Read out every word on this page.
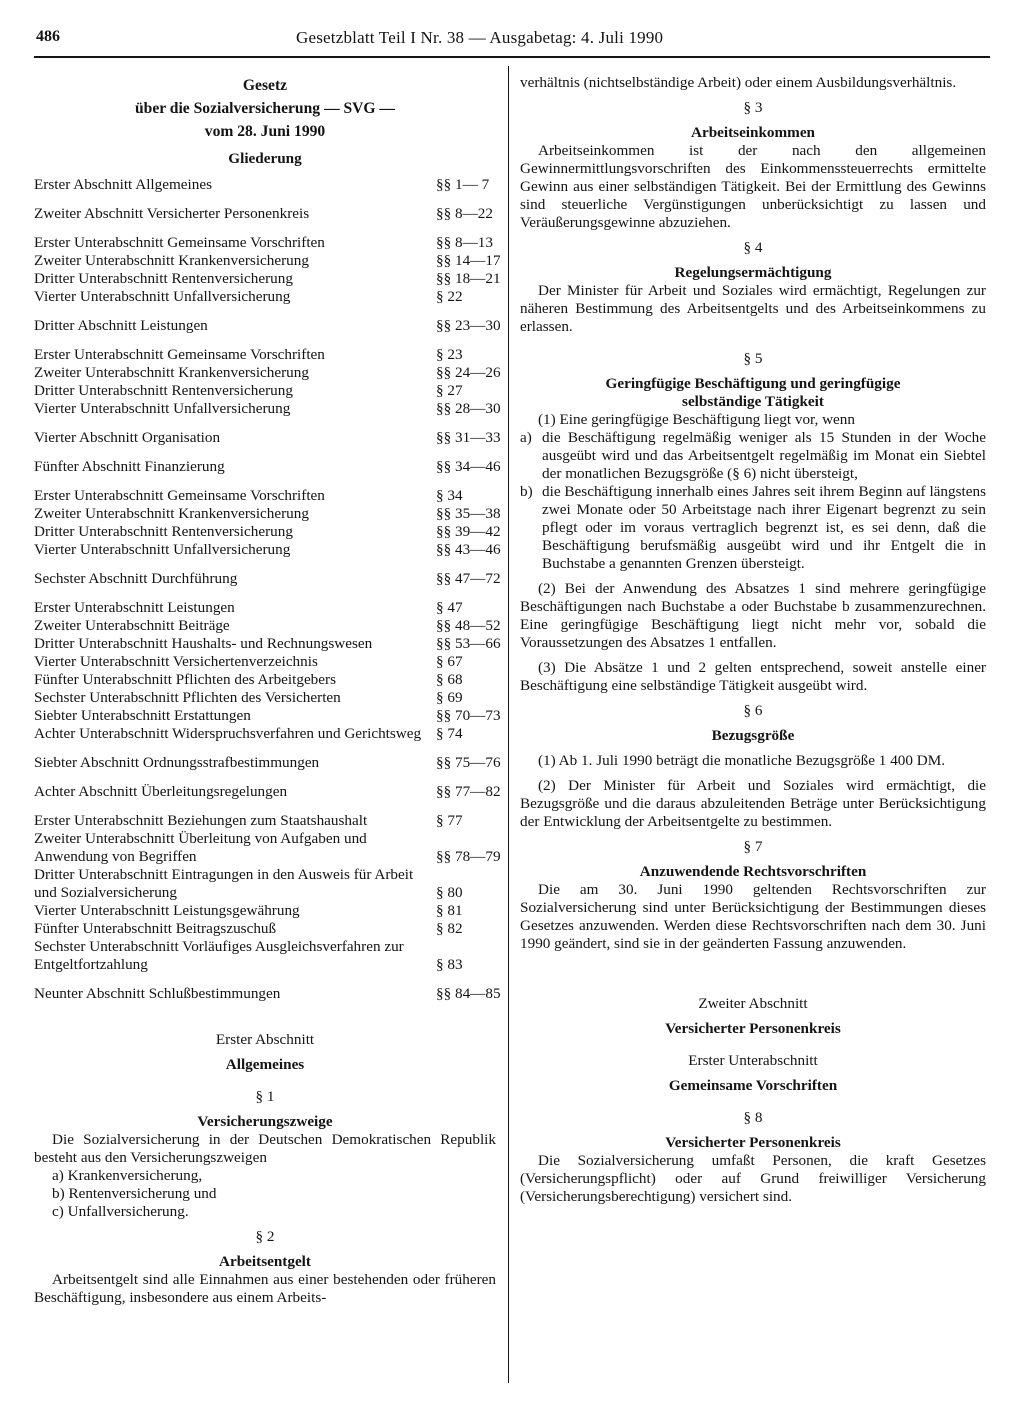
486	Gesetzblatt Teil I Nr. 38 — Ausgabetag: 4. Juli 1990
Gesetz
über die Sozialversicherung — SVG —
vom 28. Juni 1990
Gliederung
Erster Abschnitt Allgemeines	§§ 1— 7
Zweiter Abschnitt Versicherter Personenkreis	§§ 8—22
Erster Unterabschnitt Gemeinsame Vorschriften	§§ 8—13
Zweiter Unterabschnitt Krankenversicherung	§§ 14—17
Dritter Unterabschnitt Rentenversicherung	§§ 18—21
Vierter Unterabschnitt Unfallversicherung	§ 22
Dritter Abschnitt Leistungen	§§ 23—30
Erster Unterabschnitt Gemeinsame Vorschriften	§ 23
Zweiter Unterabschnitt Krankenversicherung	§§ 24—26
Dritter Unterabschnitt Rentenversicherung	§ 27
Vierter Unterabschnitt Unfallversicherung	§§ 28—30
Vierter Abschnitt Organisation	§§ 31—33
Fünfter Abschnitt Finanzierung	§§ 34—46
Erster Unterabschnitt Gemeinsame Vorschriften	§ 34
Zweiter Unterabschnitt Krankenversicherung	§§ 35—38
Dritter Unterabschnitt Rentenversicherung	§§ 39—42
Vierter Unterabschnitt Unfallversicherung	§§ 43—46
Sechster Abschnitt Durchführung	§§ 47—72
Erster Unterabschnitt Leistungen	§ 47
Zweiter Unterabschnitt Beiträge	§§ 48—52
Dritter Unterabschnitt Haushalts- und Rechnungswesen	§§ 53—66
Vierter Unterabschnitt Versichertenverzeichnis	§ 67
Fünfter Unterabschnitt Pflichten des Arbeitgebers	§ 68
Sechster Unterabschnitt Pflichten des Versicherten	§ 69
Siebter Unterabschnitt Erstattungen	§§ 70—73
Achter Unterabschnitt Widerspruchsverfahren und Gerichtsweg § 74
Siebter Abschnitt Ordnungsstrafbestimmungen	§§ 75—76
Achter Abschnitt Überleitungsregelungen	§§ 77—82
Erster Unterabschnitt Beziehungen zum Staatshaushalt	§ 77
Zweiter Unterabschnitt Überleitung von Aufgaben und Anwendung von Begriffen	§§ 78—79
Dritter Unterabschnitt Eintragungen in den Ausweis für Arbeit und Sozialversicherung	§ 80
Vierter Unterabschnitt Leistungsgewährung	§ 81
Fünfter Unterabschnitt Beitragszuschuß	§ 82
Sechster Unterabschnitt Vorläufiges Ausgleichsverfahren zur Entgeltfortzahlung	§ 83
Neunter Abschnitt Schlußbestimmungen	§§ 84—85
Erster Abschnitt
Allgemeines
§ 1
Versicherungszweige
Die Sozialversicherung in der Deutschen Demokratischen Republik besteht aus den Versicherungszweigen
a) Krankenversicherung,
b) Rentenversicherung und
c) Unfallversicherung.
§ 2
Arbeitsentgelt
Arbeitsentgelt sind alle Einnahmen aus einer bestehenden oder früheren Beschäftigung, insbesondere aus einem Arbeits-
verhältnis (nichtselbständige Arbeit) oder einem Ausbildungsverhältnis.
§ 3
Arbeitseinkommen
Arbeitseinkommen ist der nach den allgemeinen Gewinnermittlungsvorschriften des Einkommenssteuerrechts ermittelte Gewinn aus einer selbständigen Tätigkeit. Bei der Ermittlung des Gewinns sind steuerliche Vergünstigungen unberücksichtigt zu lassen und Veräußerungsgewinne abzuziehen.
§ 4
Regelungsermächtigung
Der Minister für Arbeit und Soziales wird ermächtigt, Regelungen zur näheren Bestimmung des Arbeitsentgelts und des Arbeitseinkommens zu erlassen.
§ 5
Geringfügige Beschäftigung und geringfügige selbständige Tätigkeit
(1) Eine geringfügige Beschäftigung liegt vor, wenn
a) die Beschäftigung regelmäßig weniger als 15 Stunden in der Woche ausgeübt wird und das Arbeitsentgelt regelmäßig im Monat ein Siebtel der monatlichen Bezugsgröße (§ 6) nicht übersteigt,
b) die Beschäftigung innerhalb eines Jahres seit ihrem Beginn auf längstens zwei Monate oder 50 Arbeitstage nach ihrer Eigenart begrenzt zu sein pflegt oder im voraus vertraglich begrenzt ist, es sei denn, daß die Beschäftigung berufsmäßig ausgeübt wird und ihr Entgelt die in Buchstabe a genannten Grenzen übersteigt.
(2) Bei der Anwendung des Absatzes 1 sind mehrere geringfügige Beschäftigungen nach Buchstabe a oder Buchstabe b zusammenzurechnen. Eine geringfügige Beschäftigung liegt nicht mehr vor, sobald die Voraussetzungen des Absatzes 1 entfallen.
(3) Die Absätze 1 und 2 gelten entsprechend, soweit anstelle einer Beschäftigung eine selbständige Tätigkeit ausgeübt wird.
§ 6
Bezugsgröße
(1) Ab 1. Juli 1990 beträgt die monatliche Bezugsgröße 1 400 DM.
(2) Der Minister für Arbeit und Soziales wird ermächtigt, die Bezugsgröße und die daraus abzuleitenden Beträge unter Berücksichtigung der Entwicklung der Arbeitsentgelte zu bestimmen.
§ 7
Anzuwendende Rechtsvorschriften
Die am 30. Juni 1990 geltenden Rechtsvorschriften zur Sozialversicherung sind unter Berücksichtigung der Bestimmungen dieses Gesetzes anzuwenden. Werden diese Rechtsvorschriften nach dem 30. Juni 1990 geändert, sind sie in der geänderten Fassung anzuwenden.
Zweiter Abschnitt
Versicherter Personenkreis
Erster Unterabschnitt
Gemeinsame Vorschriften
§ 8
Versicherter Personenkreis
Die Sozialversicherung umfaßt Personen, die kraft Gesetzes (Versicherungspflicht) oder auf Grund freiwilliger Versicherung (Versicherungsberechtigung) versichert sind.
